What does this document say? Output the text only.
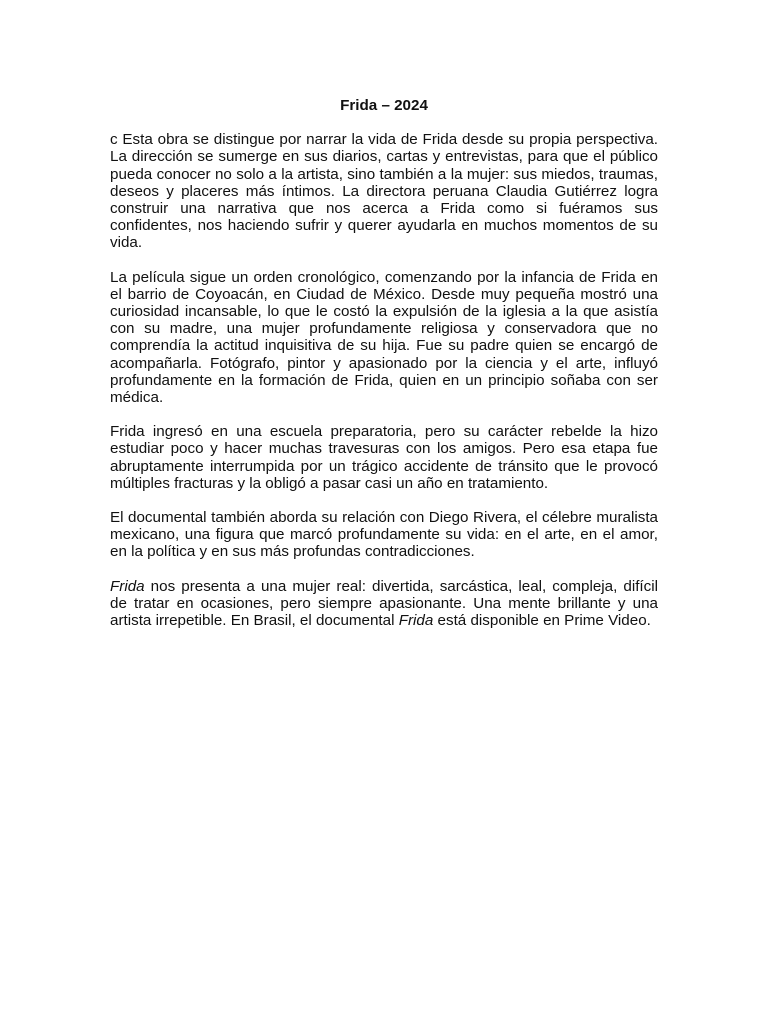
Frida – 2024

c Esta obra se distingue por narrar la vida de Frida desde su propia perspectiva. La dirección se sumerge en sus diarios, cartas y entrevistas, para que el público pueda conocer no solo a la artista, sino también a la mujer: sus miedos, traumas, deseos y placeres más íntimos. La directora peruana Claudia Gutiérrez logra construir una narrativa que nos acerca a Frida como si fuéramos sus confidentes, nos haciendo sufrir y querer ayudarla en muchos momentos de su vida.

La película sigue un orden cronológico, comenzando por la infancia de Frida en el barrio de Coyoacán, en Ciudad de México. Desde muy pequeña mostró una curiosidad incansable, lo que le costó la expulsión de la iglesia a la que asistía con su madre, una mujer profundamente religiosa y conservadora que no comprendía la actitud inquisitiva de su hija. Fue su padre quien se encargó de acompañarla. Fotógrafo, pintor y apasionado por la ciencia y el arte, influyó profundamente en la formación de Frida, quien en un principio soñaba con ser médica.

Frida ingresó en una escuela preparatoria, pero su carácter rebelde la hizo estudiar poco y hacer muchas travesuras con los amigos. Pero esa etapa fue abruptamente interrumpida por un trágico accidente de tránsito que le provocó múltiples fracturas y la obligó a pasar casi un año en tratamiento.

El documental también aborda su relación con Diego Rivera, el célebre muralista mexicano, una figura que marcó profundamente su vida: en el arte, en el amor, en la política y en sus más profundas contradicciones.

Frida nos presenta a una mujer real: divertida, sarcástica, leal, compleja, difícil de tratar en ocasiones, pero siempre apasionante. Una mente brillante y una artista irrepetible. En Brasil, el documental Frida está disponible en Prime Video.
